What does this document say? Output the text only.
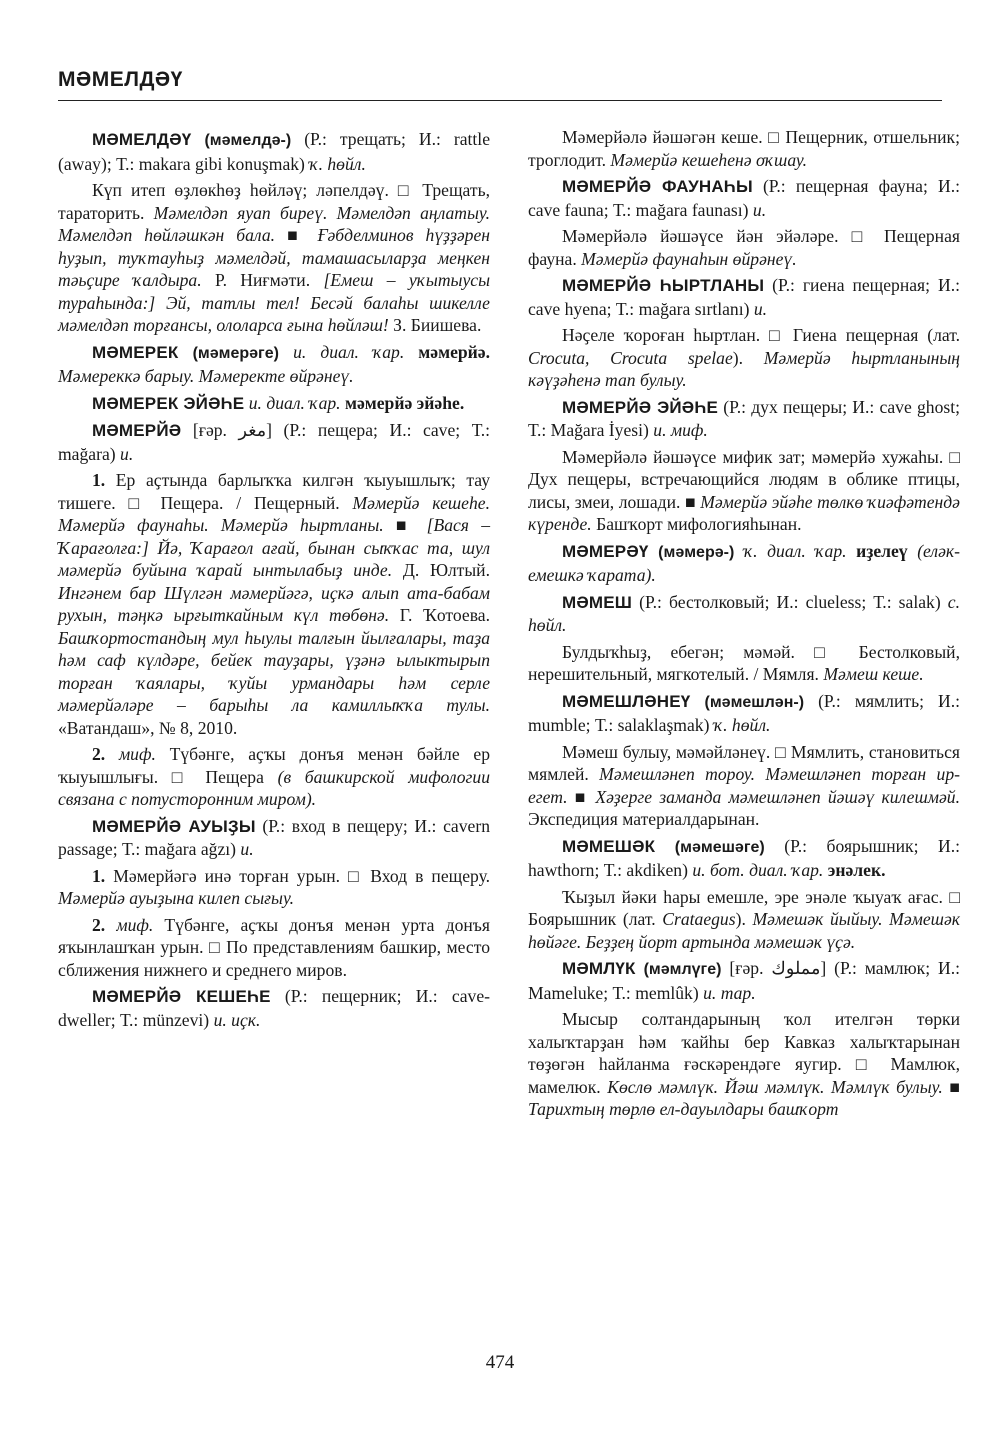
МӘМЕЛДӘҮ

МӘМЕЛДӘҮ (мәмелдә-) (Р.: трещать; И.: rattle (away); Т.: makara gibi konuşmak) ҡ. һөйл.

Күп итеп өҙлөкһөҙ һөйләү; ләпелдәү. □ Трещать, тараторить. Мәмелдәп яуап биреү. Мәмелдәп аңлатыу. Мәмелдәп һөйләшкән бала. ■ Ғәбделминов һүҙҙәрен һуҙып, туҡтауһыҙ мәмелдәй, тамашасыларҙа меңкен тәьҫире ҡалдыра. Р. Ниғмәти. [Емеш – уҡытыусы тураһында:] Эй, татлы тел! Бесәй балаһы шикелле мәмелдәп торғансы, ололарса ғына һөйләш! З. Биишева.

МӘМЕРЕК (мәмерәге) и. диал. ҡар. мәмерйә. Мәмереккә барыу. Мәмеректе өйрәнеү.

МӘМЕРЕК ЭЙӘҺЕ и. диал. ҡар. мәмерйә эйәһе.

МӘМЕРЙӘ [ғәр. مغر] (Р.: пещера; И.: cave; Т.: mağara) и.

1. Ер аҫтында барлыҡҡа килгән ҡыуышлыҡ; тау тишеге. □ Пещера. / Пещерный. Мәмерйә кешеһе. Мәмерйә фаунаһы. Мәмерйә һыртланы. ■ [Вася – Ҡарағолға:] Йә, Ҡарағол ағай, бынан сыҡҡас та, шул мәмерйә буйына ҡарай ынтылабыҙ инде. Д. Юлтый. Ингәнем бар Шүлгән мәмерйәгә, иҫкә алып ата-бабам рухын, тәңкә ырғыткайным күл төбөнә. Г. Ҡотоева. Башҡортостандың мул һыулы талғын йылғалары, таҙа һәм саф күлдәре, бейек тауҙары, үҙәнә ылыктырып торған ҡаялары, ҡуйы урмандары һәм серле мәмерйәләре – барыһы ла камиллыҡҡа тулы. «Ватандаш», № 8, 2010.

2. миф. Түбәнге, аҫҡы донъя менән бәйле ер ҡыуышлығы. □ Пещера (в башкирской мифологии связана с потусторонним миром).

МӘМЕРЙӘ АУЫҘЫ (Р.: вход в пещеру; И.: cavern passage; Т.: mağara ağzı) и.

1. Мәмерйәгә инә торған урын. □ Вход в пещеру. Мәмерйә ауыҙына килеп сығыу.

2. миф. Түбәнге, аҫҡы донъя менән урта донъя яҡынлашҡан урын. □ По представлениям башкир, место сближения нижнего и среднего миров.

МӘМЕРЙӘ КЕШЕҺЕ (Р.: пещерник; И.: cave-dweller; Т.: münzevi) и. иҫк.

Мәмерйәлә йәшәгән кеше. □ Пещерник, отшельник; троглодит. Мәмерйә кешеһенә оҡшау.

МӘМЕРЙӘ ФАУНАҺЫ (Р.: пещерная фауна; И.: cave fauna; Т.: mağara faunası) и.

Мәмерйәлә йәшәүсе йән эйәләре. □ Пещерная фауна. Мәмерйә фаунаһын өйрәнеү.

МӘМЕРЙӘ ҺЫРТЛАНЫ (Р.: гиена пещерная; И.: cave hyena; Т.: mağara sırtlanı) и.

Нәҫеле ҡороған һыртлан. □ Гиена пещерная (лат. Crocuta, Crocuta spelae). Мәмерйә һыртланының кәүҙәһенә тап булыу.

МӘМЕРЙӘ ЭЙӘҺЕ (Р.: дух пещеры; И.: cave ghost; Т.: Mağara İyesi) и. миф.

Мәмерйәлә йәшәүсе мифик зат; мәмерйә хужаһы. □ Дух пещеры, встречающийся людям в облике птицы, лисы, змеи, лошади. ■ Мәмерйә эйәһе төлкө ҡиәфәтендә күренде. Башҡорт мифологияһынан.

МӘМЕРӘҮ (мәмерә-) ҡ. диал. ҡар. иҙелеү (еләк-емешкә ҡарата).

МӘМЕШ (Р.: бестолковый; И.: clueless; Т.: salak) с. һөйл.

Булдыҡһыҙ, ебегән; мәмәй. □ Бестолковый, нерешительный, мягкотелый. / Мямля. Мәмеш кеше.

МӘМЕШЛӘНЕҮ (мәмешлән-) (Р.: мямлить; И.: mumble; Т.: salaklaşmak) ҡ. һөйл.

Мәмеш булыу, мәмәйләнеү. □ Мямлить, становиться мямлей. Мәмешләнеп тороу. Мәмешләнеп торған ир-егет. ■ Хәҙерге заманда мәмешләнеп йәшәү килешмәй. Экспедиция материалдарынан.

МӘМЕШӘК (мәмешәге) (Р.: боярышник; И.: hawthorn; Т.: akdiken) и. бот. диал. ҡар. энәлек.

Ҡыҙыл йәки һары емешле, эре энәле ҡыуаҡ ағас. □ Боярышник (лат. Crataegus). Мәмешәк йыйыу. Мәмешәк һөйәге. Беҙҙең йорт артында мәмешәк үҫә.

МӘМЛҮК (мәмлүге) [ғәр. مملوك] (Р.: мамлюк; И.: Mameluke; Т.: memlûk) и. тар.

Мысыр солтандарының ҡол ителгән төрки халыҡтарҙан һәм ҡайһы бер Кавказ халыҡтарынан төҙөгән һайланма ғәскәрендәге яугир. □ Мамлюк, мамелюк. Көслө мәмлүк. Йәш мәмлүк. Мәмлүк булыу. ■ Тарихтың төрлө ел-дауылдары башҡорт

474
